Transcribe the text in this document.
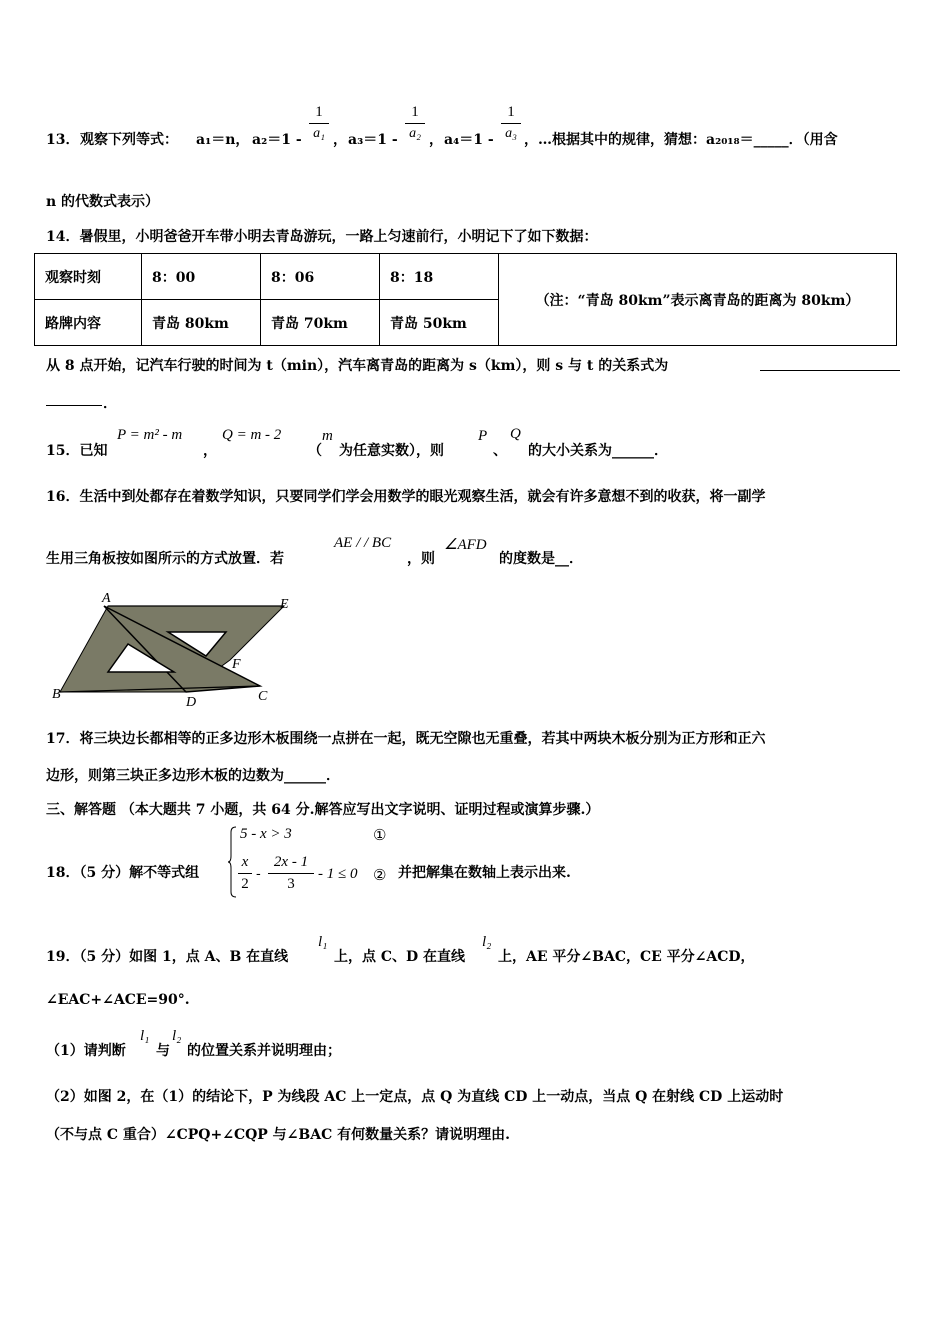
13． 观察下列等式： a₁＝n， a₂＝1 -
1
a₁ ， a₃＝1 -
1
a₂ ， a₄＝1 -
1
a₃ ，…根据其中的规律，猜想：a₂₀₁₈＝_____．（用含
n 的代数式表示）
14．暑假里，小明爸爸开车带小明去青岛游玩，一路上匀速前行，小明记下了如下数据：
观察时刻	8：00	8：06	8：18	（注：“青岛 80km”表示离青岛的距离为 80km）
路牌内容	青岛 80km	青岛 70km	青岛 50km	
从 8 点开始，记汽车行驶的时间为 t（min），汽车离青岛的距离为 s（km），则 s 与 t 的关系式为
．
15．已知
P = m² - m
，
Q = m - 2
（
m
为任意实数），则
P
、
Q
的大小关系为______．
16．生活中到处都存在着数学知识，只要同学们学会用数学的眼光观察生活，就会有许多意想不到的收获，将一副学
生用三角板按如图所示的方式放置．若
AE / / BC
，则
∠AFD
的度数是__．
A	E
B
D	C
F
17．将三块边长都相等的正多边形木板围绕一点拼在一起，既无空隙也无重叠，若其中两块木板分别为正方形和正六
边形，则第三块正多边形木板的边数为______．
三、解答题 （本大题共 7 小题，共 64 分.解答应写出文字说明、证明过程或演算步骤.）
18．（5 分）解不等式组
5 - x > 3	①
x
2
-
2x - 1
3
- 1 ≤ 0 ② 并把解集在数轴上表示出来.
19．（5 分）如图 1，点 A、B 在直线
l₁
上，点 C、D 在直线
l₂
上，AE 平分∠BAC，CE 平分∠ACD，
∠EAC+∠ACE=90°.
（1）请判断
l₁
与
l₂
的位置关系并说明理由；
（2）如图 2，在（1）的结论下，P 为线段 AC 上一定点，点 Q 为直线 CD 上一动点，当点 Q 在射线 CD 上运动时
（不与点 C 重合）∠CPQ+∠CQP 与∠BAC 有何数量关系？请说明理由.
